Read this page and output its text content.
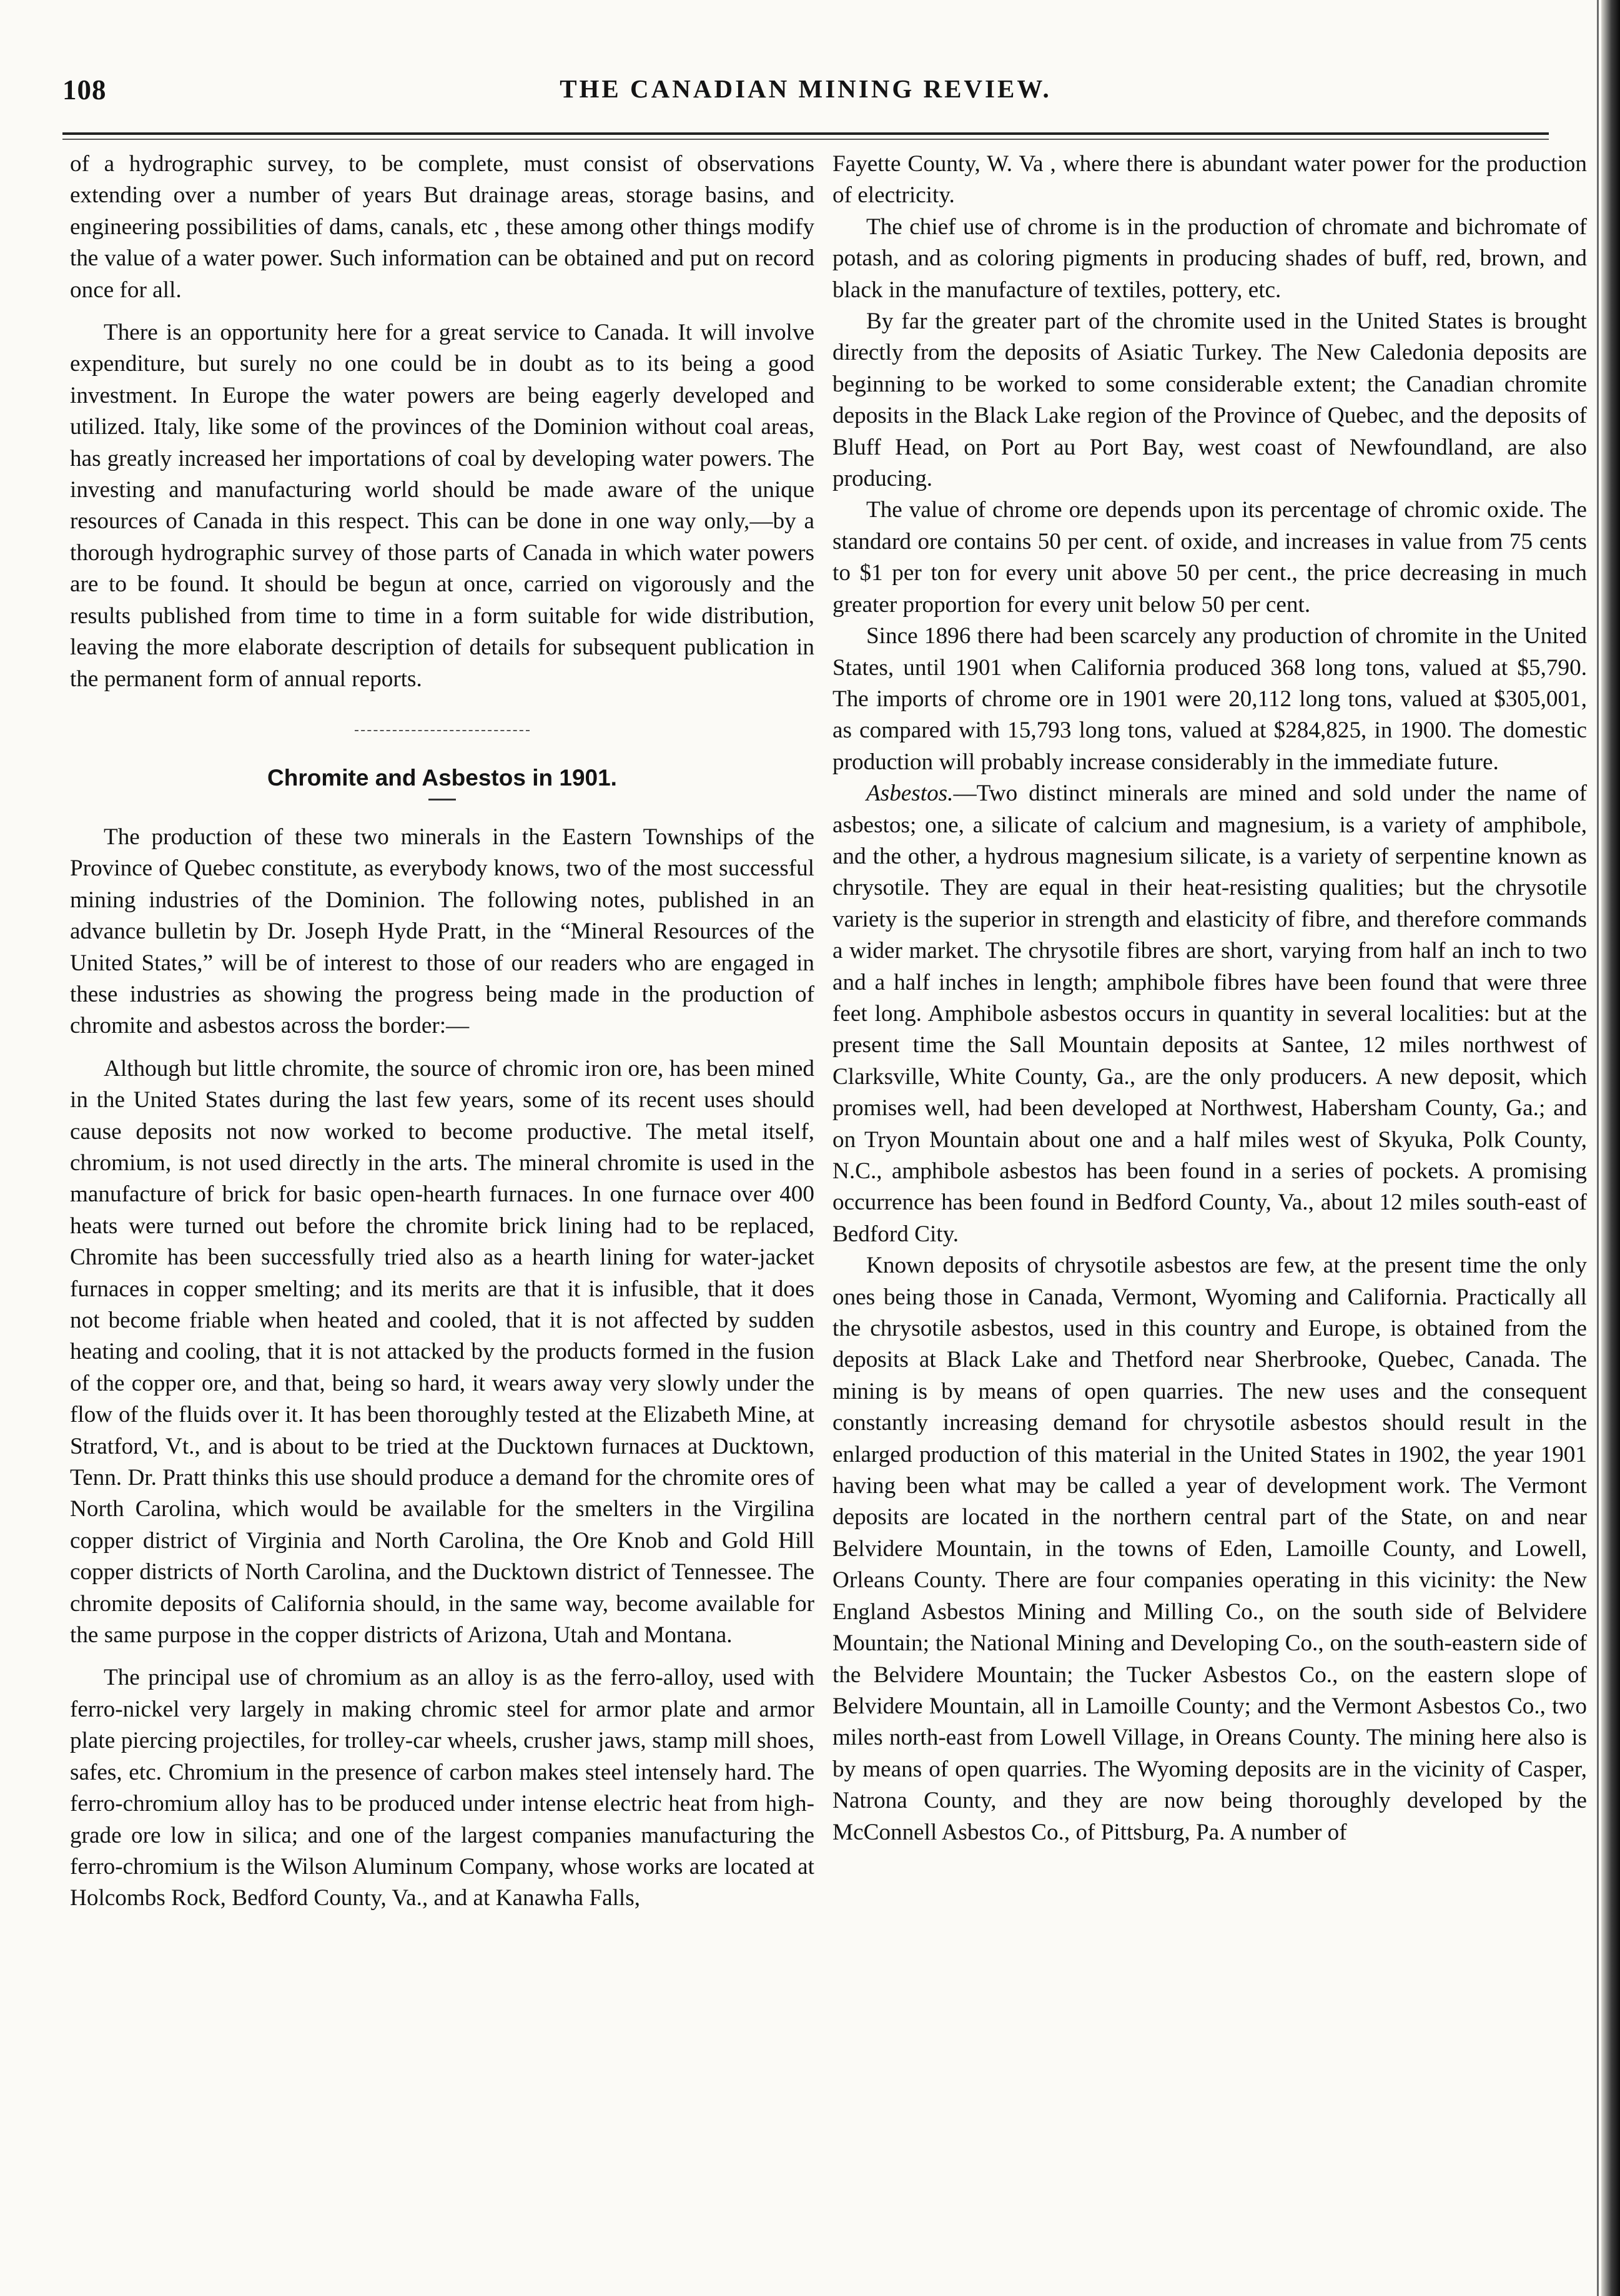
108	THE CANADIAN MINING REVIEW.

of a hydrographic survey, to be complete, must consist of observations extending over a number of years But drainage areas, storage basins, and engineering possibilities of dams, canals, etc , these among other things modify the value of a water power. Such information can be obtained and put on record once for all.

There is an opportunity here for a great service to Canada. It will involve expenditure, but surely no one could be in doubt as to its being a good investment. In Europe the water powers are being eagerly developed and utilized. Italy, like some of the provinces of the Dominion without coal areas, has greatly increased her importations of coal by developing water powers. The investing and manufacturing world should be made aware of the unique resources of Canada in this respect. This can be done in one way only,—by a thorough hydrographic survey of those parts of Canada in which water powers are to be found. It should be begun at once, carried on vigorously and the results published from time to time in a form suitable for wide distribution, leaving the more elaborate description of details for subsequent publication in the permanent form of annual reports.

Chromite and Asbestos in 1901.

The production of these two minerals in the Eastern Townships of the Province of Quebec constitute, as everybody knows, two of the most successful mining industries of the Dominion. The following notes, published in an advance bulletin by Dr. Joseph Hyde Pratt, in the “Mineral Resources of the United States,” will be of interest to those of our readers who are engaged in these industries as showing the progress being made in the production of chromite and asbestos across the border:—

Although but little chromite, the source of chromic iron ore, has been mined in the United States during the last few years, some of its recent uses should cause deposits not now worked to become productive. The metal itself, chromium, is not used directly in the arts. The mineral chromite is used in the manufacture of brick for basic open-hearth furnaces. In one furnace over 400 heats were turned out before the chromite brick lining had to be replaced, Chromite has been successfully tried also as a hearth lining for water-jacket furnaces in copper smelting; and its merits are that it is infusible, that it does not become friable when heated and cooled, that it is not affected by sudden heating and cooling, that it is not attacked by the products formed in the fusion of the copper ore, and that, being so hard, it wears away very slowly under the flow of the fluids over it. It has been thoroughly tested at the Elizabeth Mine, at Stratford, Vt., and is about to be tried at the Ducktown furnaces at Ducktown, Tenn. Dr. Pratt thinks this use should produce a demand for the chromite ores of North Carolina, which would be available for the smelters in the Virgilina copper district of Virginia and North Carolina, the Ore Knob and Gold Hill copper districts of North Carolina, and the Ducktown district of Tennessee. The chromite deposits of California should, in the same way, become available for the same purpose in the copper districts of Arizona, Utah and Montana.

The principal use of chromium as an alloy is as the ferro-alloy, used with ferro-nickel very largely in making chromic steel for armor plate and armor plate piercing projectiles, for trolley-car wheels, crusher jaws, stamp mill shoes, safes, etc. Chromium in the presence of carbon makes steel intensely hard. The ferro-chromium alloy has to be produced under intense electric heat from high-grade ore low in silica; and one of the largest companies manufacturing the ferro-chromium is the Wilson Aluminum Company, whose works are located at Holcombs Rock, Bedford County, Va., and at Kanawha Falls,

Fayette County, W. Va , where there is abundant water power for the production of electricity.

The chief use of chrome is in the production of chromate and bichromate of potash, and as coloring pigments in producing shades of buff, red, brown, and black in the manufacture of textiles, pottery, etc.

By far the greater part of the chromite used in the United States is brought directly from the deposits of Asiatic Turkey. The New Caledonia deposits are beginning to be worked to some considerable extent; the Canadian chromite deposits in the Black Lake region of the Province of Quebec, and the deposits of Bluff Head, on Port au Port Bay, west coast of Newfoundland, are also producing.

The value of chrome ore depends upon its percentage of chromic oxide. The standard ore contains 50 per cent. of oxide, and increases in value from 75 cents to $1 per ton for every unit above 50 per cent., the price decreasing in much greater proportion for every unit below 50 per cent.

Since 1896 there had been scarcely any production of chromite in the United States, until 1901 when California produced 368 long tons, valued at $5,790. The imports of chrome ore in 1901 were 20,112 long tons, valued at $305,001, as compared with 15,793 long tons, valued at $284,825, in 1900. The domestic production will probably increase considerably in the immediate future.

Asbestos.—Two distinct minerals are mined and sold under the name of asbestos; one, a silicate of calcium and magnesium, is a variety of amphibole, and the other, a hydrous magnesium silicate, is a variety of serpentine known as chrysotile. They are equal in their heat-resisting qualities; but the chrysotile variety is the superior in strength and elasticity of fibre, and therefore commands a wider market. The chrysotile fibres are short, varying from half an inch to two and a half inches in length; amphibole fibres have been found that were three feet long. Amphibole asbestos occurs in quantity in several localities: but at the present time the Sall Mountain deposits at Santee, 12 miles northwest of Clarksville, White County, Ga., are the only producers. A new deposit, which promises well, had been developed at Northwest, Habersham County, Ga.; and on Tryon Mountain about one and a half miles west of Skyuka, Polk County, N.C., amphibole asbestos has been found in a series of pockets. A promising occurrence has been found in Bedford County, Va., about 12 miles south-east of Bedford City.

Known deposits of chrysotile asbestos are few, at the present time the only ones being those in Canada, Vermont, Wyoming and California. Practically all the chrysotile asbestos, used in this country and Europe, is obtained from the deposits at Black Lake and Thetford near Sherbrooke, Quebec, Canada. The mining is by means of open quarries. The new uses and the consequent constantly increasing demand for chrysotile asbestos should result in the enlarged production of this material in the United States in 1902, the year 1901 having been what may be called a year of development work. The Vermont deposits are located in the northern central part of the State, on and near Belvidere Mountain, in the towns of Eden, Lamoille County, and Lowell, Orleans County. There are four companies operating in this vicinity: the New England Asbestos Mining and Milling Co., on the south side of Belvidere Mountain; the National Mining and Developing Co., on the south-eastern side of the Belvidere Mountain; the Tucker Asbestos Co., on the eastern slope of Belvidere Mountain, all in Lamoille County; and the Vermont Asbestos Co., two miles north-east from Lowell Village, in Oreans County. The mining here also is by means of open quarries. The Wyoming deposits are in the vicinity of Casper, Natrona County, and they are now being thoroughly developed by the McConnell Asbestos Co., of Pittsburg, Pa. A number of
